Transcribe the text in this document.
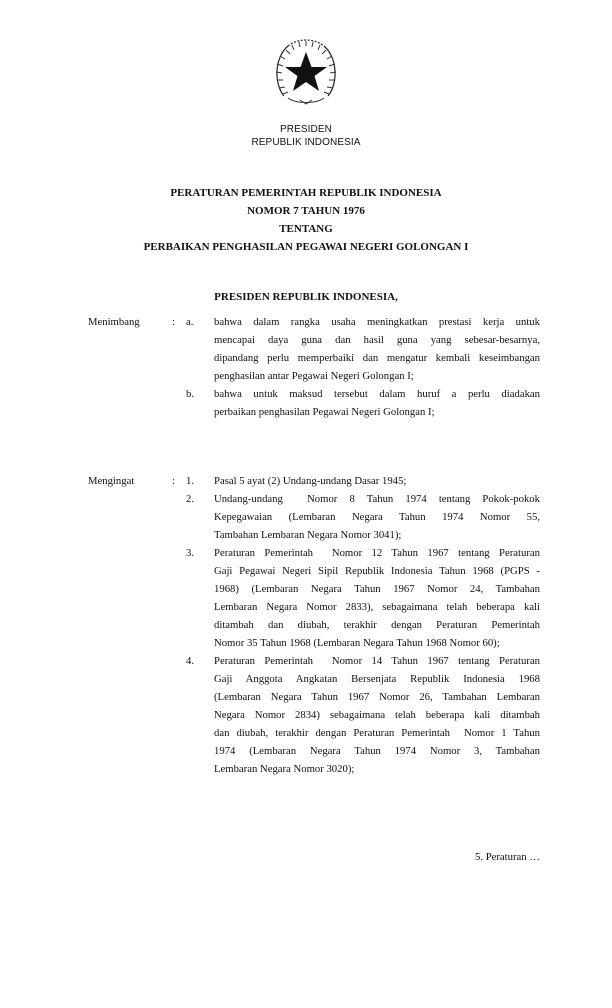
PRESIDEN
REPUBLIK INDONESIA
PERATURAN PEMERINTAH REPUBLIK INDONESIA
NOMOR 7 TAHUN 1976
TENTANG
PERBAIKAN PENGHASILAN PEGAWAI NEGERI GOLONGAN I
PRESIDEN REPUBLIK INDONESIA,
Menimbang	: a. bahwa dalam rangka usaha meningkatkan prestasi kerja untuk
mencapai daya guna dan hasil guna yang sebesar-besarnya,
dipandang perlu memperbaiki dan mengatur kembali keseimbangan
penghasilan antar Pegawai Negeri Golongan I;
b. bahwa untuk maksud tersebut dalam huruf a perlu diadakan
perbaikan penghasilan Pegawai Negeri Golongan I;
Mengingat	: 1. Pasal 5 ayat (2) Undang-undang Dasar 1945;
2. Undang-undang  Nomor 8 Tahun 1974 tentang Pokok-pokok
Kepegawaian (Lembaran Negara Tahun 1974 Nomor 55,
Tambahan Lembaran Negara Nomor 3041);
3. Peraturan Pemerintah  Nomor 12 Tahun 1967 tentang Peraturan
Gaji Pegawai Negeri Sipil Republik Indonesia Tahun 1968 (PGPS -
1968) (Lembaran Negara Tahun 1967 Nomor 24, Tambahan
Lembaran Negara Nomor 2833), sebagaimana telah beberapa kali
ditambah dan diubah, terakhir dengan Peraturan Pemerintah
Nomor 35 Tahun 1968 (Lembaran Negara Tahun 1968 Nomor 60);
4. Peraturan Pemerintah  Nomor 14 Tahun 1967 tentang Peraturan
Gaji Anggota Angkatan Bersenjata Republik Indonesia 1968
(Lembaran Negara Tahun 1967 Nomor 26, Tambahan Lembaran
Negara Nomor 2834) sebagaimana telah beberapa kali ditambah
dan diubah, terakhir dengan Peraturan Pemerintah  Nomor 1 Tahun
1974 (Lembaran Negara Tahun 1974 Nomor 3, Tambahan
Lembaran Negara Nomor 3020);
5. Peraturan …
